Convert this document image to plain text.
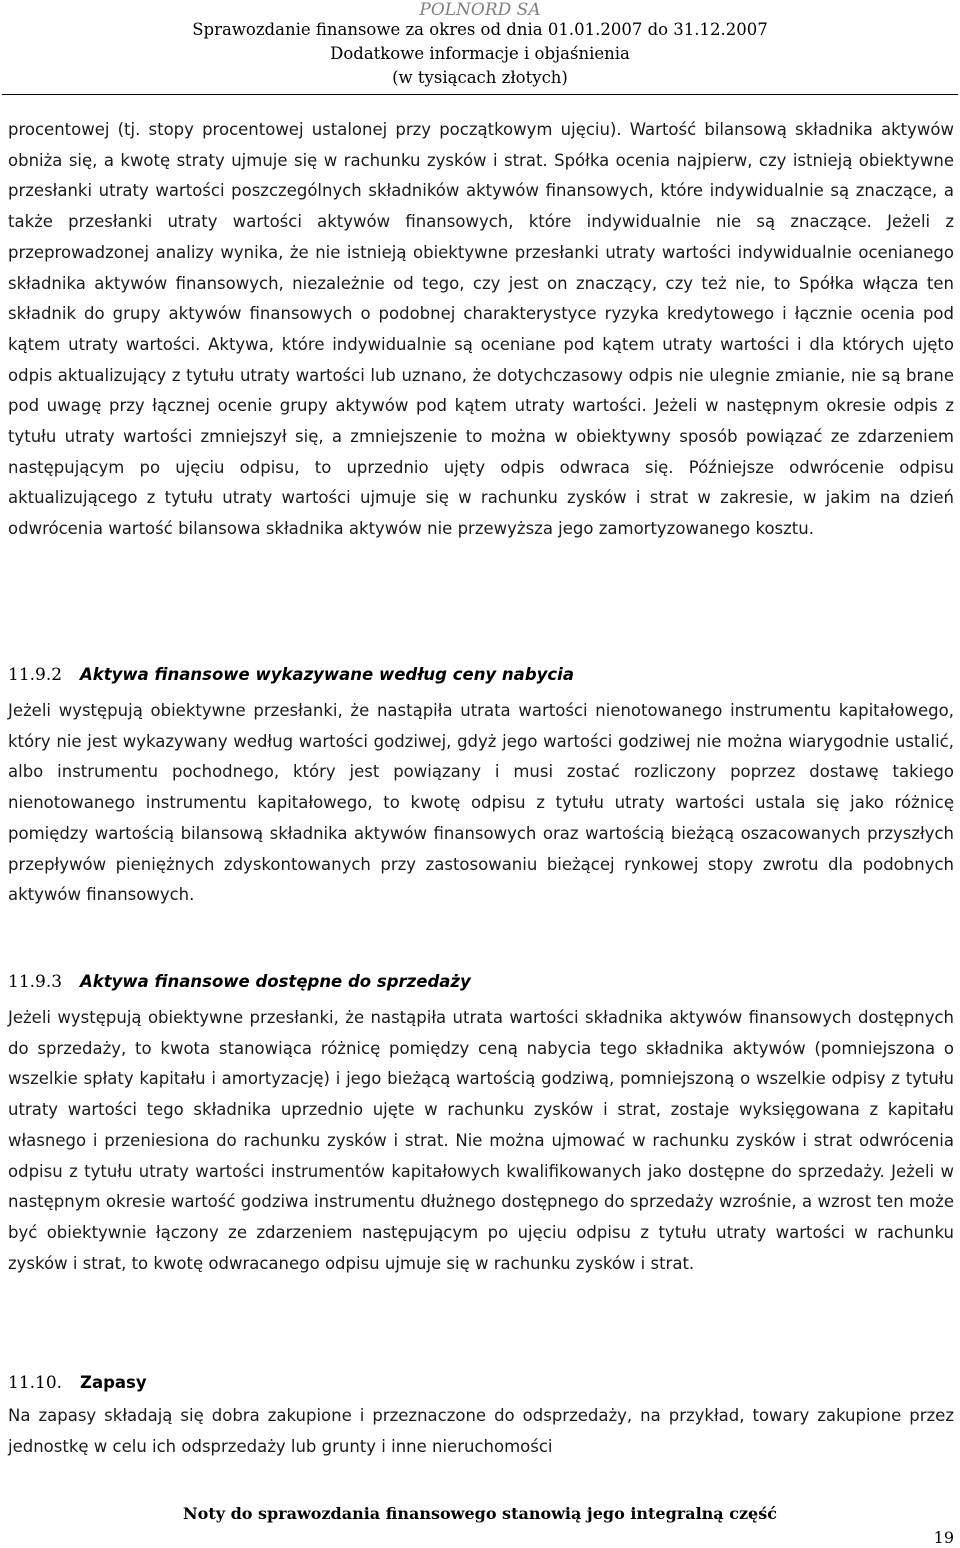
POLNORD SA
Sprawozdanie finansowe za okres od dnia 01.01.2007 do 31.12.2007
Dodatkowe informacje i objaśnienia
(w tysiącach złotych)

procentowej (tj. stopy procentowej ustalonej przy początkowym ujęciu). Wartość bilansową składnika aktywów obniża się, a kwotę straty ujmuje się w rachunku zysków i strat. Spółka ocenia najpierw, czy istnieją obiektywne przesłanki utraty wartości poszczególnych składników aktywów finansowych, które indywidualnie są znaczące, a także przesłanki utraty wartości aktywów finansowych, które indywidualnie nie są znaczące. Jeżeli z przeprowadzonej analizy wynika, że nie istnieją obiektywne przesłanki utraty wartości indywidualnie ocenianego składnika aktywów finansowych, niezależnie od tego, czy jest on znaczący, czy też nie, to Spółka włącza ten składnik do grupy aktywów finansowych o podobnej charakterystyce ryzyka kredytowego i łącznie ocenia pod kątem utraty wartości. Aktywa, które indywidualnie są oceniane pod kątem utraty wartości i dla których ujęto odpis aktualizujący z tytułu utraty wartości lub uznano, że dotychczasowy odpis nie ulegnie zmianie, nie są brane pod uwagę przy łącznej ocenie grupy aktywów pod kątem utraty wartości. Jeżeli w następnym okresie odpis z tytułu utraty wartości zmniejszył się, a zmniejszenie to można w obiektywny sposób powiązać ze zdarzeniem następującym po ujęciu odpisu, to uprzednio ujęty odpis odwraca się. Późniejsze odwrócenie odpisu aktualizującego z tytułu utraty wartości ujmuje się w rachunku zysków i strat w zakresie, w jakim na dzień odwrócenia wartość bilansowa składnika aktywów nie przewyższa jego zamortyzowanego kosztu.

11.9.2 Aktywa finansowe wykazywane według ceny nabycia

Jeżeli występują obiektywne przesłanki, że nastąpiła utrata wartości nienotowanego instrumentu kapitałowego, który nie jest wykazywany według wartości godziwej, gdyż jego wartości godziwej nie można wiarygodnie ustalić, albo instrumentu pochodnego, który jest powiązany i musi zostać rozliczony poprzez dostawę takiego nienotowanego instrumentu kapitałowego, to kwotę odpisu z tytułu utraty wartości ustala się jako różnicę pomiędzy wartością bilansową składnika aktywów finansowych oraz wartością bieżącą oszacowanych przyszłych przepływów pieniężnych zdyskontowanych przy zastosowaniu bieżącej rynkowej stopy zwrotu dla podobnych aktywów finansowych.

11.9.3 Aktywa finansowe dostępne do sprzedaży

Jeżeli występują obiektywne przesłanki, że nastąpiła utrata wartości składnika aktywów finansowych dostępnych do sprzedaży, to kwota stanowiąca różnicę pomiędzy ceną nabycia tego składnika aktywów (pomniejszona o wszelkie spłaty kapitału i amortyzację) i jego bieżącą wartością godziwą, pomniejszoną o wszelkie odpisy z tytułu utraty wartości tego składnika uprzednio ujęte w rachunku zysków i strat, zostaje wyksięgowana z kapitału własnego i przeniesiona do rachunku zysków i strat. Nie można ujmować w rachunku zysków i strat odwrócenia odpisu z tytułu utraty wartości instrumentów kapitałowych kwalifikowanych jako dostępne do sprzedaży. Jeżeli w następnym okresie wartość godziwa instrumentu dłużnego dostępnego do sprzedaży wzrośnie, a wzrost ten może być obiektywnie łączony ze zdarzeniem następującym po ujęciu odpisu z tytułu utraty wartości w rachunku zysków i strat, to kwotę odwracanego odpisu ujmuje się w rachunku zysków i strat.

11.10. Zapasy

Na zapasy składają się dobra zakupione i przeznaczone do odsprzedaży, na przykład, towary zakupione przez jednostkę w celu ich odsprzedaży lub grunty i inne nieruchomości

Noty do sprawozdania finansowego stanowią jego integralną część
19
